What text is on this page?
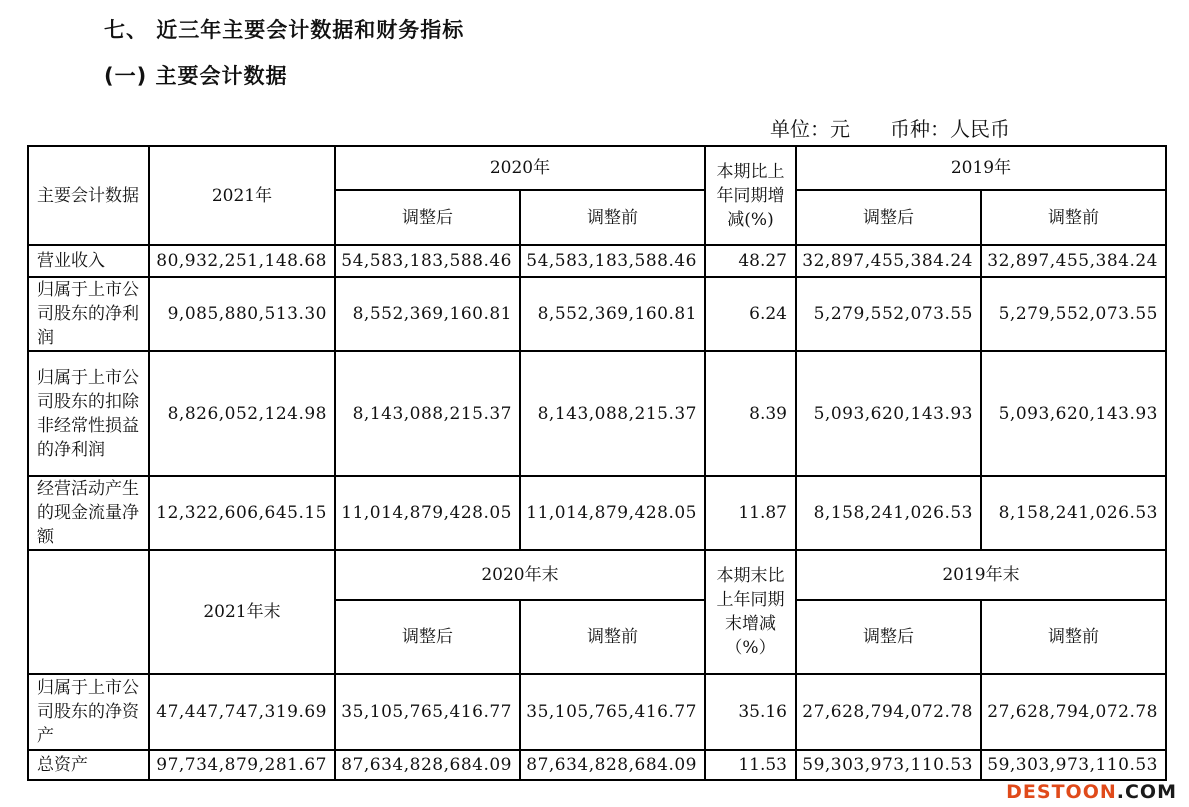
七、 近三年主要会计数据和财务指标
(一) 主要会计数据
单位：元 币种：人民币
主要会计数据	2021年	2020年		本期比上年同期增减(%)	2019年	
		调整后	调整前		调整后	调整前
营业收入	80,932,251,148.68	54,583,183,588.46	54,583,183,588.46	48.27	32,897,455,384.24	32,897,455,384.24
归属于上市公司股东的净利润	9,085,880,513.30	8,552,369,160.81	8,552,369,160.81	6.24	5,279,552,073.55	5,279,552,073.55
归属于上市公司股东的扣除非经常性损益的净利润	8,826,052,124.98	8,143,088,215.37	8,143,088,215.37	8.39	5,093,620,143.93	5,093,620,143.93
经营活动产生的现金流量净额	12,322,606,645.15	11,014,879,428.05	11,014,879,428.05	11.87	8,158,241,026.53	8,158,241,026.53
	2021年末	2020年末		本期末比上年同期末增减（%）	2019年末	
		调整后	调整前		调整后	调整前
归属于上市公司股东的净资产	47,447,747,319.69	35,105,765,416.77	35,105,765,416.77	35.16	27,628,794,072.78	27,628,794,072.78
总资产	97,734,879,281.67	87,634,828,684.09	87,634,828,684.09	11.53	59,303,973,110.53	59,303,973,110.53
DESTOON.COM
